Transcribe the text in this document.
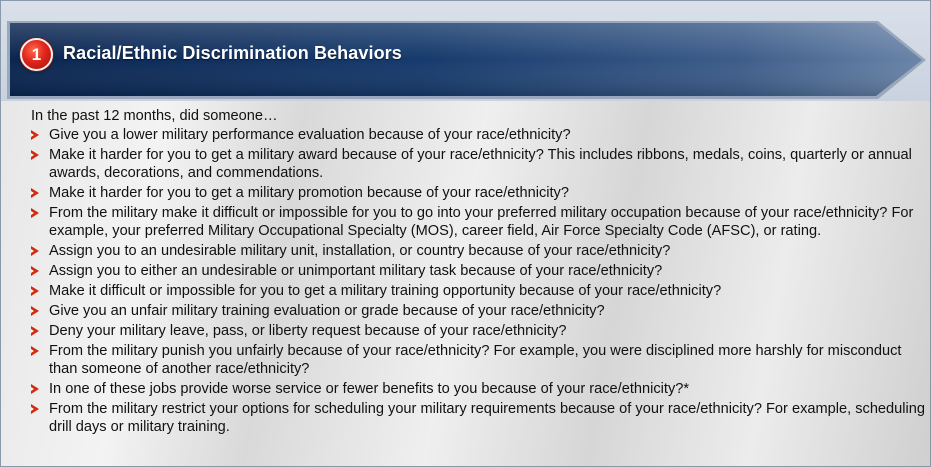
1	Racial/Ethnic Discrimination Behaviors

In the past 12 months, did someone…

Give you a lower military performance evaluation because of your race/ethnicity?
Make it harder for you to get a military award because of your race/ethnicity? This includes ribbons, medals, coins, quarterly or annual awards, decorations, and commendations.
Make it harder for you to get a military promotion because of your race/ethnicity?
From the military make it difficult or impossible for you to go into your preferred military occupation because of your race/ethnicity? For example, your preferred Military Occupational Specialty (MOS), career field, Air Force Specialty Code (AFSC), or rating.
Assign you to an undesirable military unit, installation, or country because of your race/ethnicity?
Assign you to either an undesirable or unimportant military task because of your race/ethnicity?
Make it difficult or impossible for you to get a military training opportunity because of your race/ethnicity?
Give you an unfair military training evaluation or grade because of your race/ethnicity?
Deny your military leave, pass, or liberty request because of your race/ethnicity?
From the military punish you unfairly because of your race/ethnicity? For example, you were disciplined more harshly for misconduct than someone of another race/ethnicity?
In one of these jobs provide worse service or fewer benefits to you because of your race/ethnicity?*
From the military restrict your options for scheduling your military requirements because of your race/ethnicity? For example, scheduling drill days or military training.
